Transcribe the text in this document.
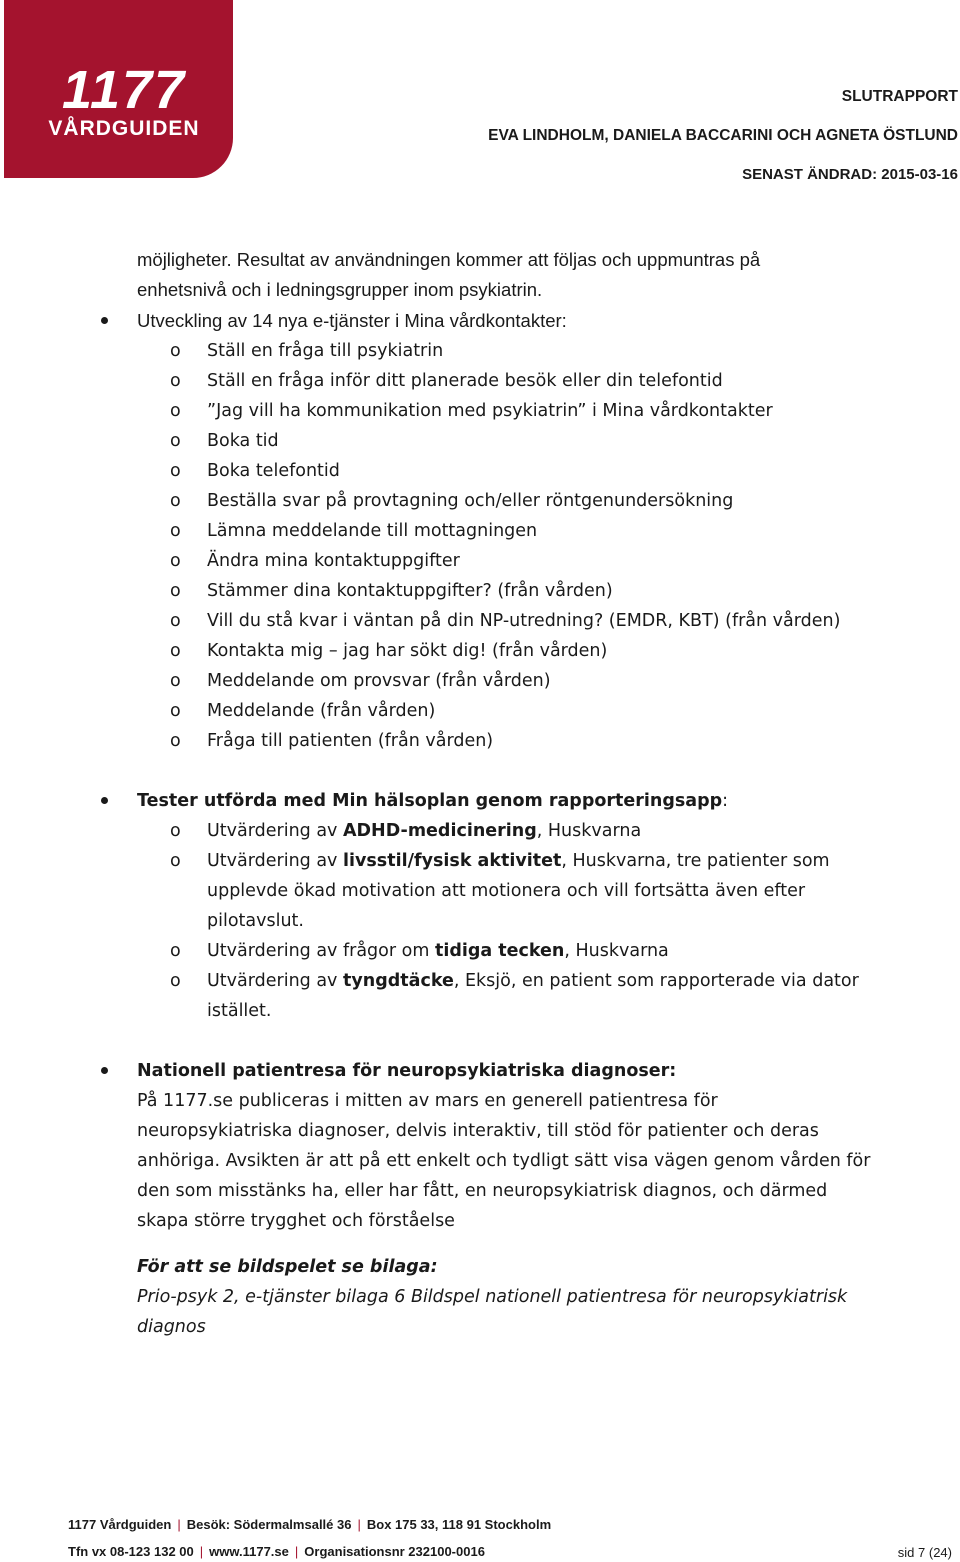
1177
VÅRDGUIDEN
SLUTRAPPORT
EVA LINDHOLM, DANIELA BACCARINI OCH AGNETA ÖSTLUND
SENAST ÄNDRAD: 2015-03-16
möjligheter. Resultat av användningen kommer att följas och uppmuntras på
enhetsnivå och i ledningsgrupper inom psykiatrin.
Utveckling av 14 nya e-tjänster i Mina vårdkontakter:
o Ställ en fråga till psykiatrin
o Ställ en fråga inför ditt planerade besök eller din telefontid
o ”Jag vill ha kommunikation med psykiatrin” i Mina vårdkontakter
o Boka tid
o Boka telefontid
o Beställa svar på provtagning och/eller röntgenundersökning
o Lämna meddelande till mottagningen
o Ändra mina kontaktuppgifter
o Stämmer dina kontaktuppgifter? (från vården)
o Vill du stå kvar i väntan på din NP-utredning? (EMDR, KBT) (från vården)
o Kontakta mig – jag har sökt dig! (från vården)
o Meddelande om provsvar (från vården)
o Meddelande (från vården)
o Fråga till patienten (från vården)
Tester utförda med Min hälsoplan genom rapporteringsapp:
o Utvärdering av ADHD-medicinering, Huskvarna
o Utvärdering av livsstil/fysisk aktivitet, Huskvarna, tre patienter som
upplevde ökad motivation att motionera och vill fortsätta även efter
pilotavslut.
o Utvärdering av frågor om tidiga tecken, Huskvarna
o Utvärdering av tyngdtäcke, Eksjö, en patient som rapporterade via dator
istället.
Nationell patientresa för neuropsykiatriska diagnoser:
På 1177.se publiceras i mitten av mars en generell patientresa för
neuropsykiatriska diagnoser, delvis interaktiv, till stöd för patienter och deras
anhöriga. Avsikten är att på ett enkelt och tydligt sätt visa vägen genom vården för
den som misstänks ha, eller har fått, en neuropsykiatrisk diagnos, och därmed
skapa större trygghet och förståelse
För att se bildspelet se bilaga:
Prio-psyk 2, e-tjänster bilaga 6 Bildspel nationell patientresa för neuropsykiatrisk
diagnos
1177 Vårdguiden | Besök: Södermalmsallé 36 | Box 175 33, 118 91 Stockholm
Tfn vx 08-123 132 00 | www.1177.se | Organisationsnr 232100-0016	sid 7 (24)
